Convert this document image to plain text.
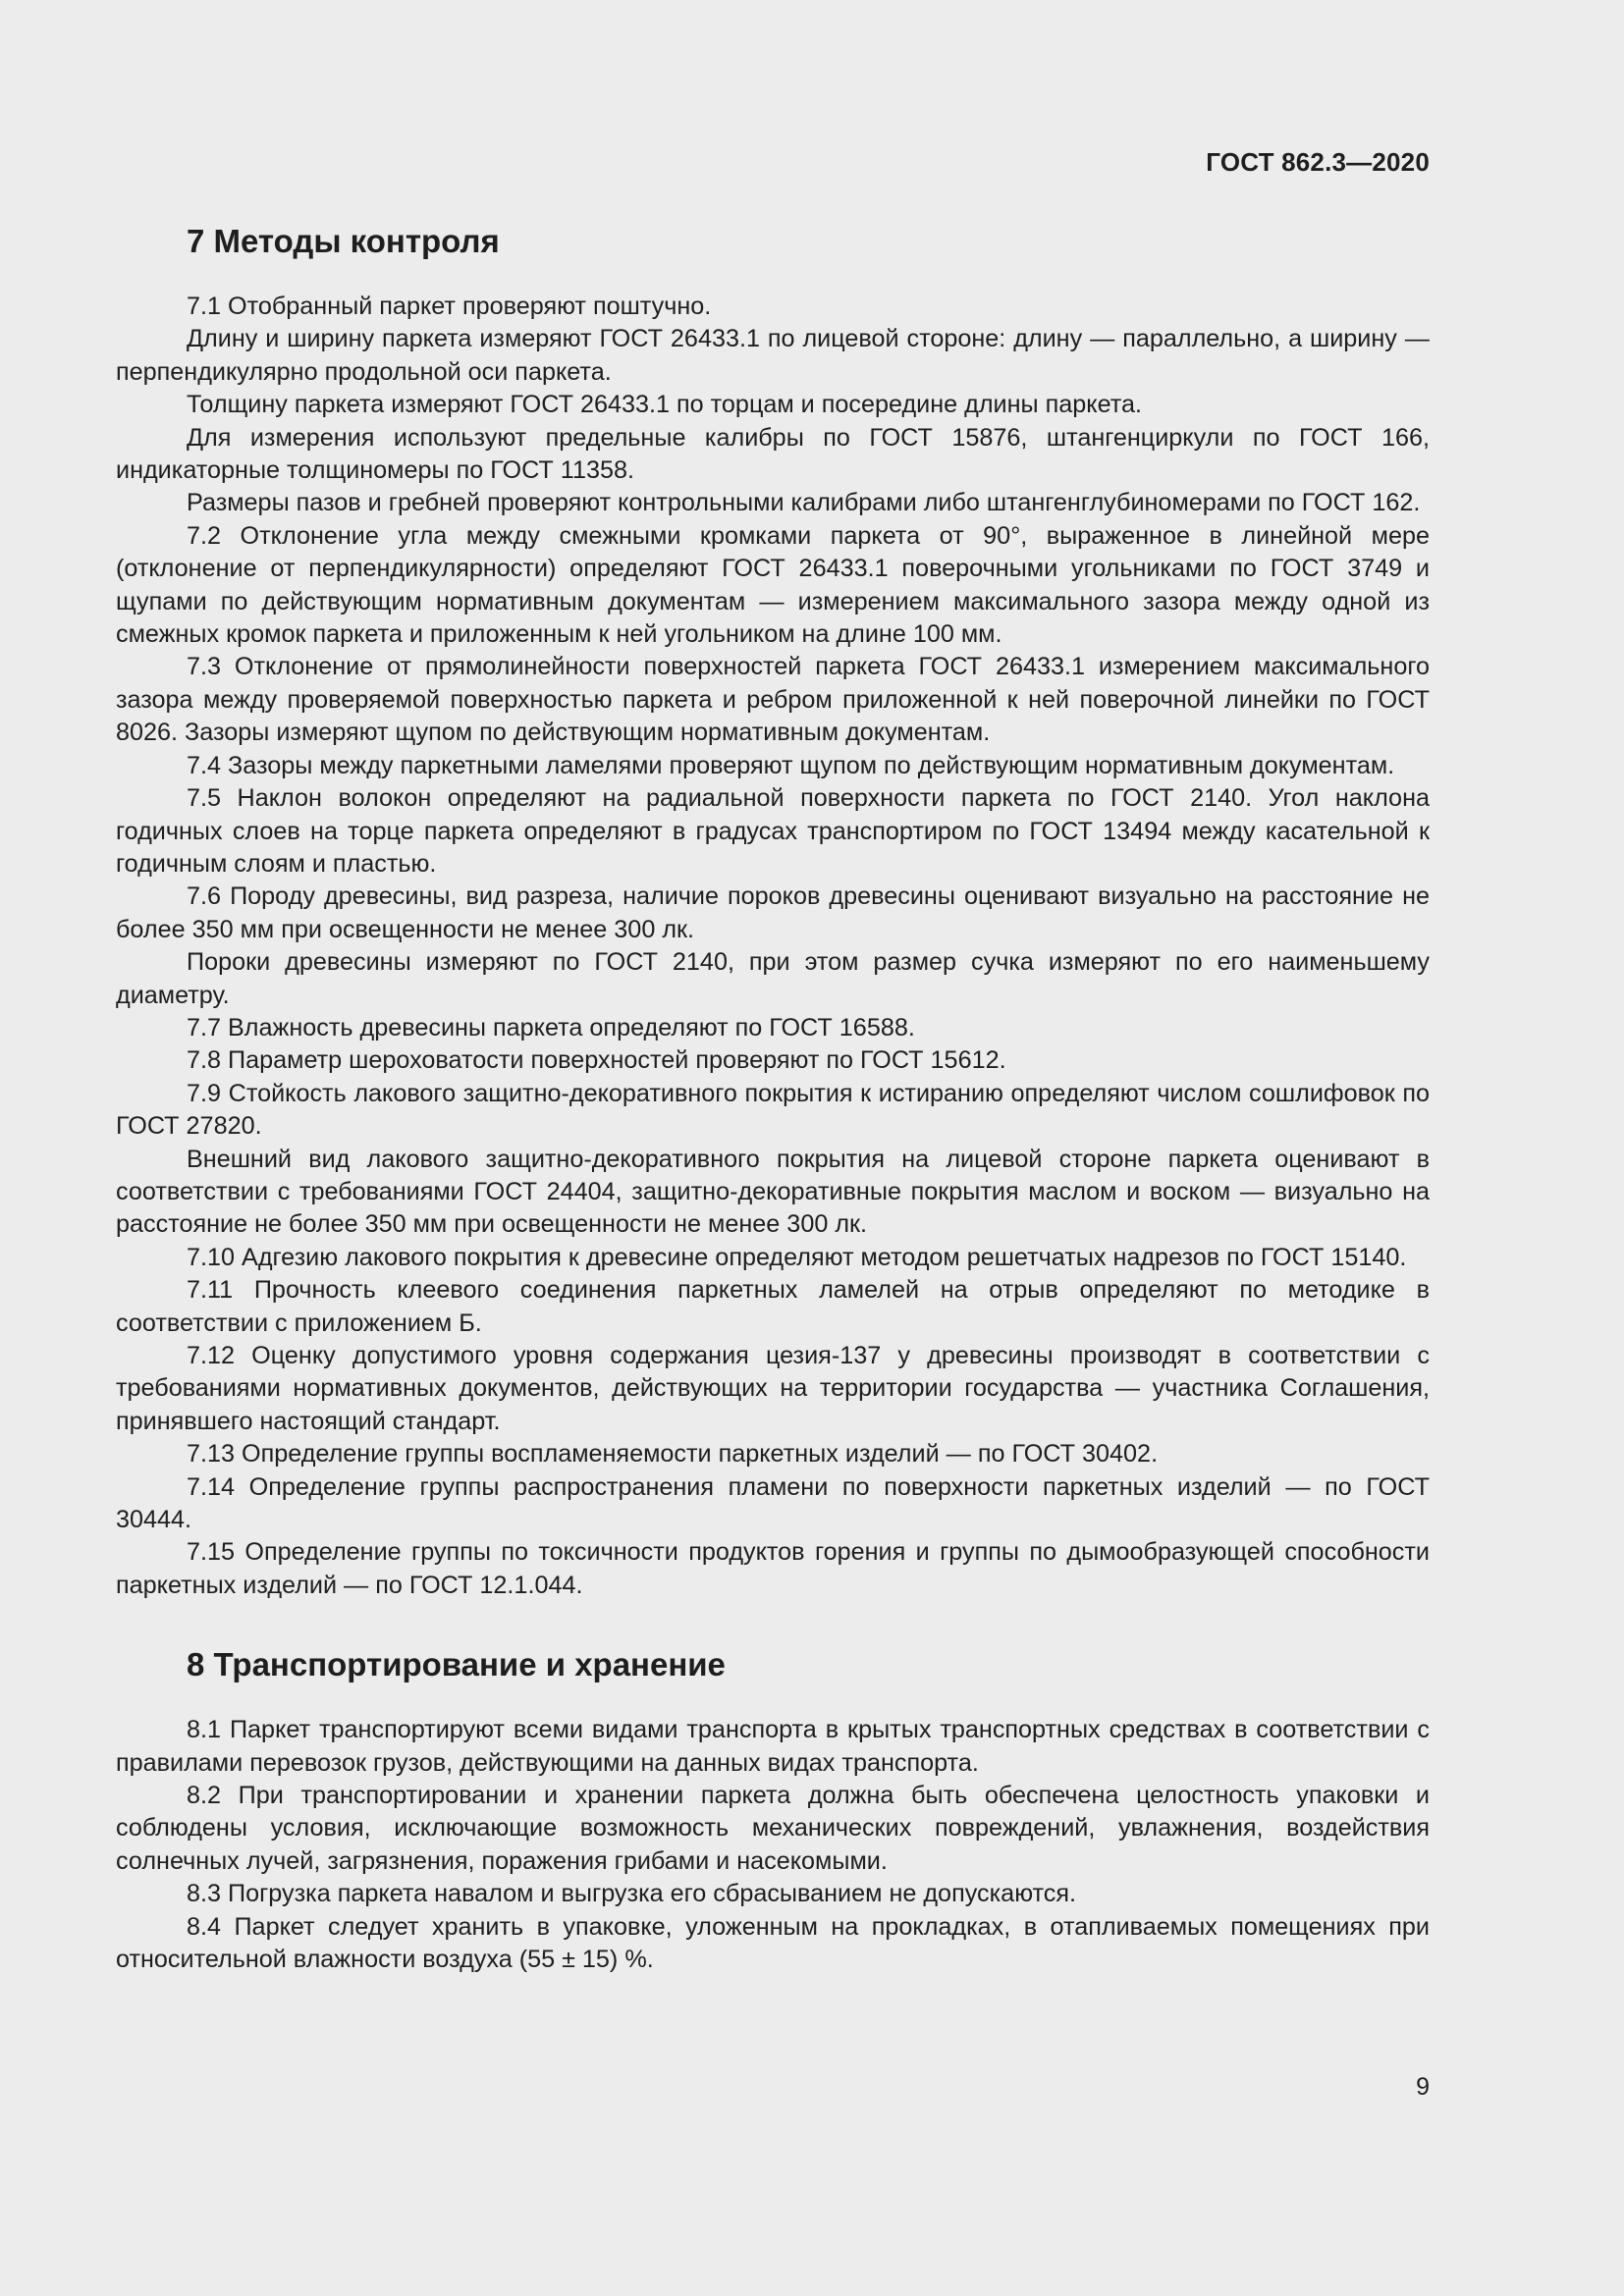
ГОСТ 862.3—2020
7 Методы контроля

7.1 Отобранный паркет проверяют поштучно.

Длину и ширину паркета измеряют ГОСТ 26433.1 по лицевой стороне: длину — параллельно, а ширину — перпендикулярно продольной оси паркета.

Толщину паркета измеряют ГОСТ 26433.1 по торцам и посередине длины паркета.

Для измерения используют предельные калибры по ГОСТ 15876, штангенциркули по ГОСТ 166, индикаторные толщиномеры по ГОСТ 11358.

Размеры пазов и гребней проверяют контрольными калибрами либо штангенглубиномерами по ГОСТ 162.

7.2 Отклонение угла между смежными кромками паркета от 90°, выраженное в линейной мере (отклонение от перпендикулярности) определяют ГОСТ 26433.1 поверочными угольниками по ГОСТ 3749 и щупами по действующим нормативным документам — измерением максимального зазора между одной из смежных кромок паркета и приложенным к ней угольником на длине 100 мм.

7.3 Отклонение от прямолинейности поверхностей паркета ГОСТ 26433.1 измерением максимального зазора между проверяемой поверхностью паркета и ребром приложенной к ней поверочной линейки по ГОСТ 8026. Зазоры измеряют щупом по действующим нормативным документам.

7.4 Зазоры между паркетными ламелями проверяют щупом по действующим нормативным документам.

7.5 Наклон волокон определяют на радиальной поверхности паркета по ГОСТ 2140. Угол наклона годичных слоев на торце паркета определяют в градусах транспортиром по ГОСТ 13494 между касательной к годичным слоям и пластью.

7.6 Породу древесины, вид разреза, наличие пороков древесины оценивают визуально на расстояние не более 350 мм при освещенности не менее 300 лк.

Пороки древесины измеряют по ГОСТ 2140, при этом размер сучка измеряют по его наименьшему диаметру.

7.7 Влажность древесины паркета определяют по ГОСТ 16588.

7.8 Параметр шероховатости поверхностей проверяют по ГОСТ 15612.

7.9 Стойкость лакового защитно-декоративного покрытия к истиранию определяют числом сошлифовок по ГОСТ 27820.

Внешний вид лакового защитно-декоративного покрытия на лицевой стороне паркета оценивают в соответствии с требованиями ГОСТ 24404, защитно-декоративные покрытия маслом и воском — визуально на расстояние не более 350 мм при освещенности не менее 300 лк.

7.10 Адгезию лакового покрытия к древесине определяют методом решетчатых надрезов по ГОСТ 15140.

7.11 Прочность клеевого соединения паркетных ламелей на отрыв определяют по методике в соответствии с приложением Б.

7.12 Оценку допустимого уровня содержания цезия-137 у древесины производят в соответствии с требованиями нормативных документов, действующих на территории государства — участника Соглашения, принявшего настоящий стандарт.

7.13 Определение группы воспламеняемости паркетных изделий — по ГОСТ 30402.

7.14 Определение группы распространения пламени по поверхности паркетных изделий — по ГОСТ 30444.

7.15 Определение группы по токсичности продуктов горения и группы по дымообразующей способности паркетных изделий — по ГОСТ 12.1.044.

8 Транспортирование и хранение

8.1 Паркет транспортируют всеми видами транспорта в крытых транспортных средствах в соответствии с правилами перевозок грузов, действующими на данных видах транспорта.

8.2 При транспортировании и хранении паркета должна быть обеспечена целостность упаковки и соблюдены условия, исключающие возможность механических повреждений, увлажнения, воздействия солнечных лучей, загрязнения, поражения грибами и насекомыми.

8.3 Погрузка паркета навалом и выгрузка его сбрасыванием не допускаются.

8.4 Паркет следует хранить в упаковке, уложенным на прокладках, в отапливаемых помещениях при относительной влажности воздуха (55 ± 15) %.

9
